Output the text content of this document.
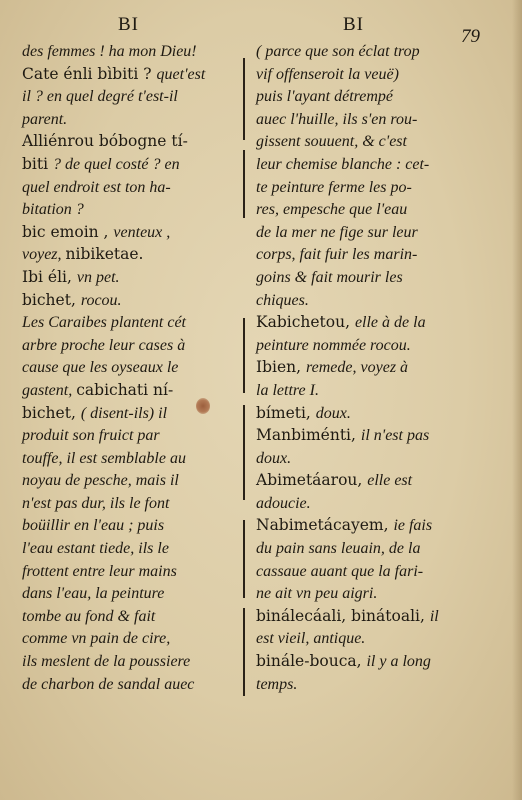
BI	BI
79
des femmes ! ha mon Dieu!
Cate énli bìbiti ? quet'est
il ? en quel degré t'est-il
parent.
Alliénrou bóbogne tí-
biti ? de quel costé ? en
quel endroit est ton ha-
bitation ?
bic emoin , venteux ,
voyez, nibiketae.
Ibi éli, vn pet.
bichet, rocou.
Les Caraibes plantent cét
arbre proche leur cases à
cause que les oyseaux le
gastent, cabichati ní-
bichet, ( disent-ils) il
produit son fruict par
touffe, il est semblable au
noyau de pesche, mais il
n'est pas dur, ils le font
boüillir en l'eau ; puis
l'eau estant tiede, ils le
frottent entre leur mains
dans l'eau, la peinture
tombe au fond & fait
comme vn pain de cire,
ils meslent de la poussiere
de charbon de sandal auec
( parce que son éclat trop
vif offenseroit la veuë)
puis l'ayant détrempé
auec l'huille, ils s'en rou-
gissent souuent, & c'est
leur chemise blanche : cet-
te peinture ferme les po-
res, empesche que l'eau
de la mer ne fige sur leur
corps, fait fuir les marin-
goins & fait mourir les
chiques.
Kabichetou, elle à de la
peinture nommée rocou.
Ibien, remede, voyez à
la lettre I.
bímeti, doux.
Manbiménti, il n'est pas
doux.
Abimetáarou, elle est
adoucie.
Nabimetácayem, ie fais
du pain sans leuain, de la
cassaue auant que la fari-
ne ait vn peu aigri.
binálecáali, binátoali, il
est vieil, antique.
binále-bouca, il y a long
temps.
